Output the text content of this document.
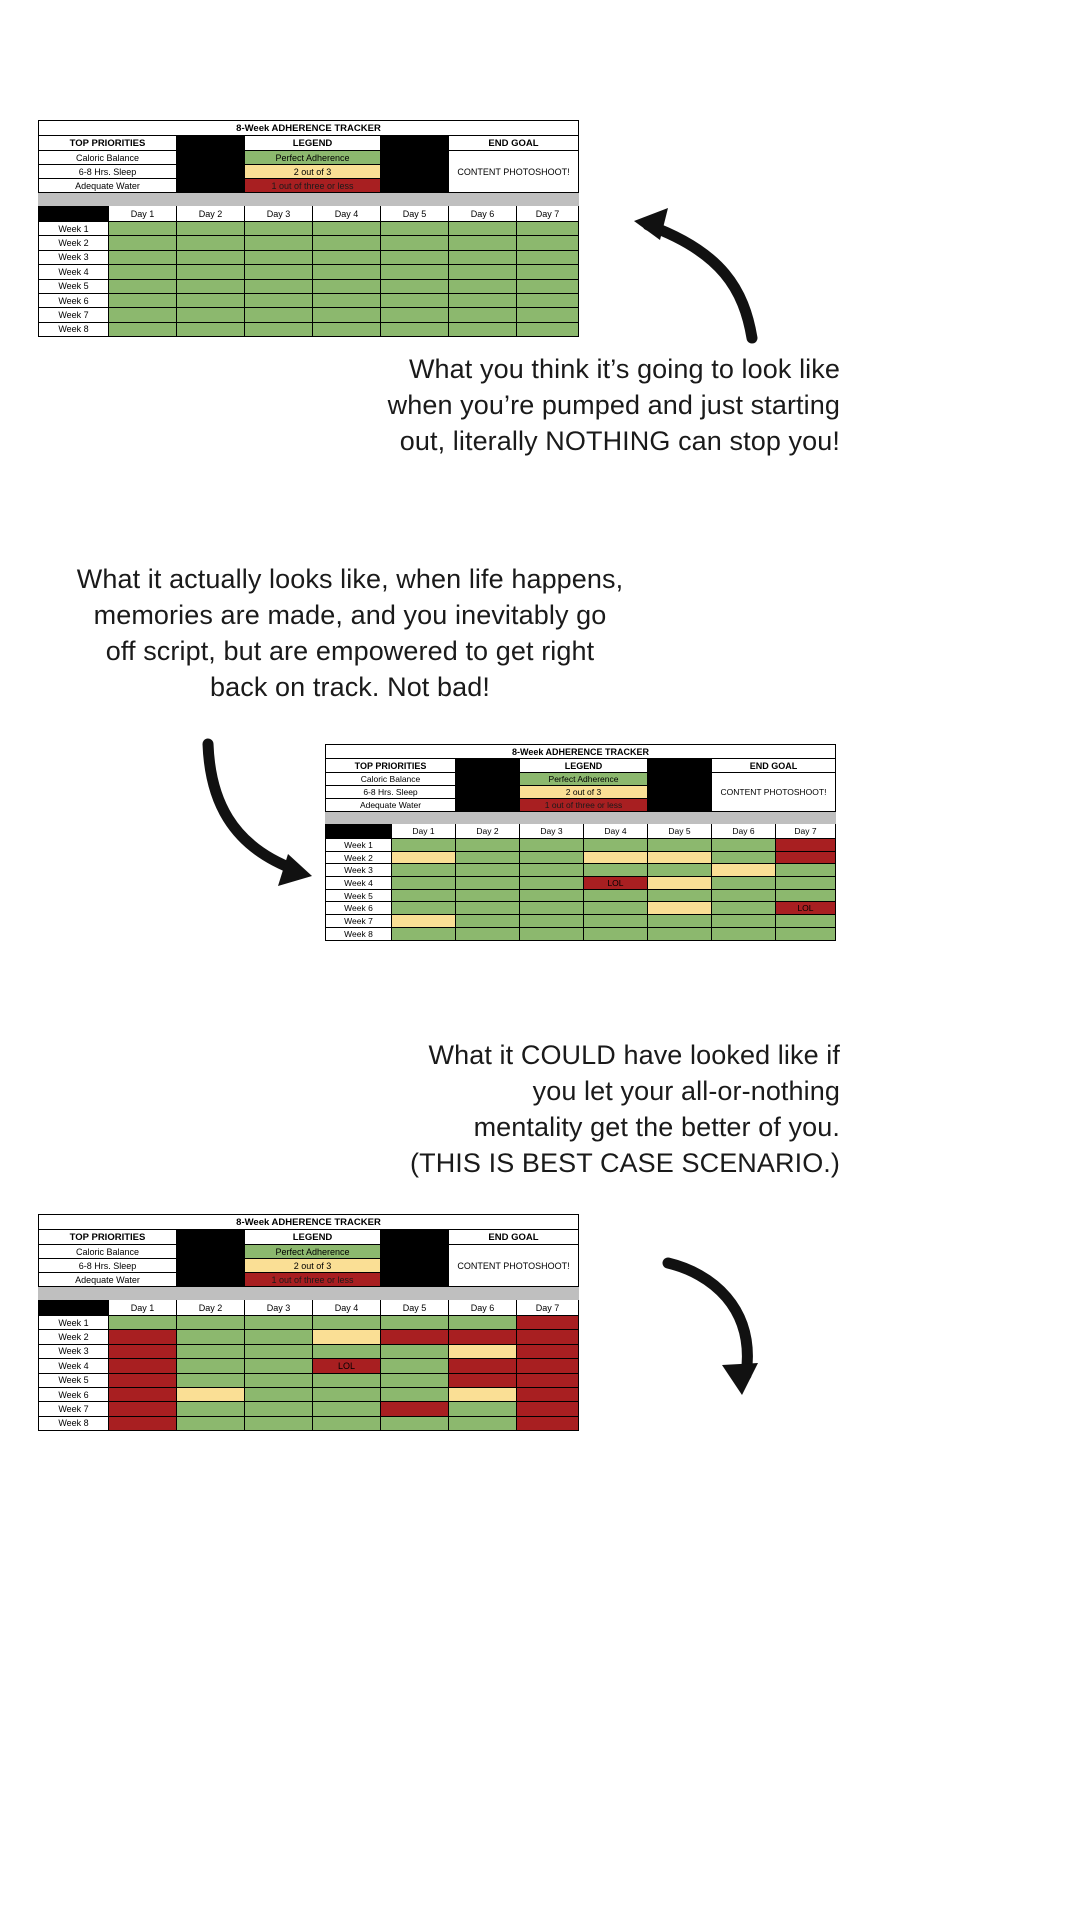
8-Week ADHERENCE TRACKER							
TOP PRIORITIES			LEGEND			END GOAL	
Caloric Balance			Perfect Adherence			CONTENT PHOTOSHOOT!	
6-8 Hrs. Sleep			2 out of 3				
Adequate Water			1 out of three or less				

	Day 1	Day 2	Day 3	Day 4	Day 5	Day 6	Day 7
Week 1							
Week 2							
Week 3							
Week 4							
Week 5							
Week 6							
Week 7							
Week 8							
What you think it’s going to look like
when you’re pumped and just starting
out, literally NOTHING can stop you!
What it actually looks like, when life happens,
memories are made, and you inevitably go
off script, but are empowered to get right
back on track. Not bad!
8-Week ADHERENCE TRACKER							
TOP PRIORITIES			LEGEND			END GOAL	
Caloric Balance			Perfect Adherence			CONTENT PHOTOSHOOT!	
6-8 Hrs. Sleep			2 out of 3				
Adequate Water			1 out of three or less				

	Day 1	Day 2	Day 3	Day 4	Day 5	Day 6	Day 7
Week 1							
Week 2							
Week 3							
Week 4				LOL			
Week 5							
Week 6							LOL
Week 7							
Week 8							
What it COULD have looked like if
you let your all-or-nothing
mentality get the better of you.
(THIS IS BEST CASE SCENARIO.)
8-Week ADHERENCE TRACKER							
TOP PRIORITIES			LEGEND			END GOAL	
Caloric Balance			Perfect Adherence			CONTENT PHOTOSHOOT!	
6-8 Hrs. Sleep			2 out of 3				
Adequate Water			1 out of three or less				

	Day 1	Day 2	Day 3	Day 4	Day 5	Day 6	Day 7
Week 1							
Week 2							
Week 3							
Week 4				LOL			
Week 5							
Week 6							
Week 7							
Week 8							
